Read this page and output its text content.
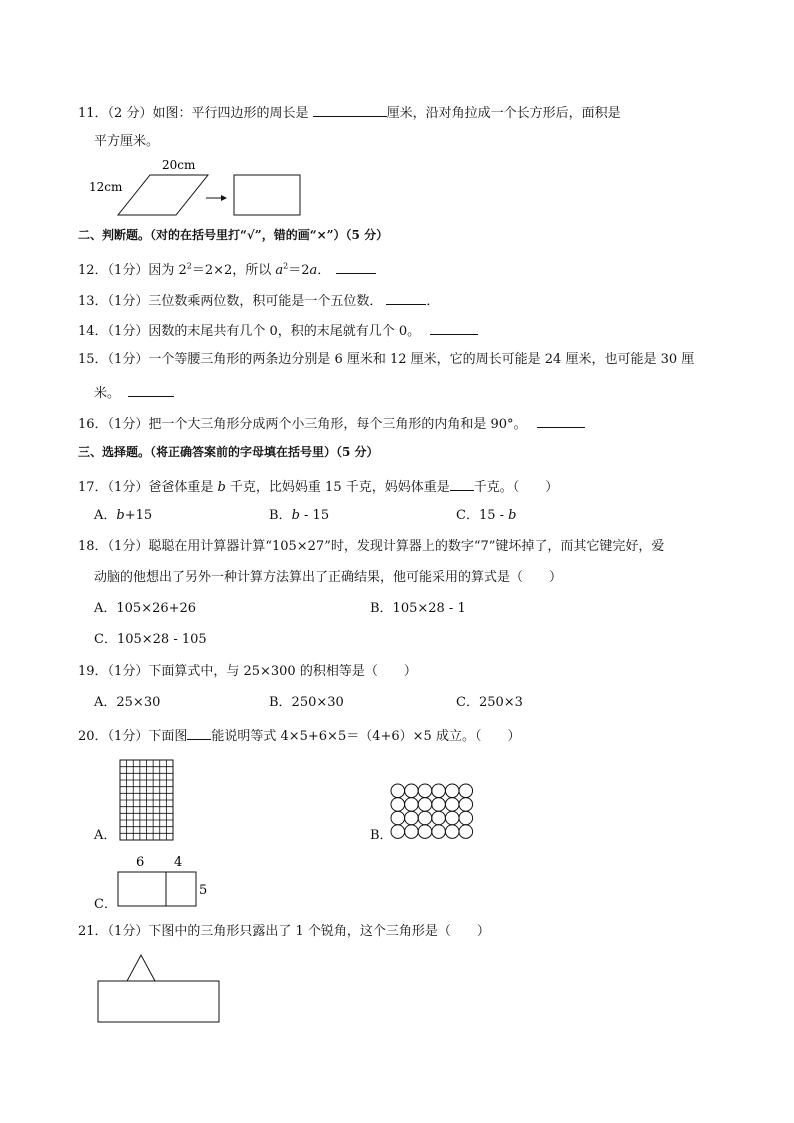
11．（2 分）如图：平行四边形的周长是	厘米，沿对角拉成一个长方形后，面积是
平方厘米。
20cm
12cm
二、判断题。（对的在括号里打“√”，错的画“×”）（5 分）
12．（1分）因为 $2^2=2\times 2$，所以 $a^2=2a$．
13．（1分）三位数乘两位数，积可能是一个五位数．	．
14．（1分）因数的末尾共有几个 0，积的末尾就有几个 0。
15．（1分）一个等腰三角形的两条边分别是 6 厘米和 12 厘米，它的周长可能是 24 厘米，也可能是 30 厘
米。
16．（1分）把一个大三角形分成两个小三角形，每个三角形的内角和是 90°。
三、选择题。（将正确答案前的字母填在括号里）（5 分）
17．（1分）爸爸体重是 b 千克，比妈妈重 15 千克，妈妈体重是 千克。（　　）
A．b+15	B．b - 15	C．15 - b
18．（1分）聪聪在用计算器计算“105×27”时，发现计算器上的数字“7”键坏掉了，而其它键完好，爱
动脑的他想出了另外一种计算方法算出了正确结果，他可能采用的算式是（　　）
A．105×26+26	B．105×28 - 1
C．105×28 - 105
19．（1分）下面算式中，与 25×300 的积相等是（　　）
A．25×30	B．250×30	C．250×3
20．（1分）下面图 能说明等式 4×5+6×5＝（4+6）×5 成立。（　　）
A．	B．
C．
6 4
5
21．（1分）下图中的三角形只露出了 1 个锐角，这个三角形是（　　）
